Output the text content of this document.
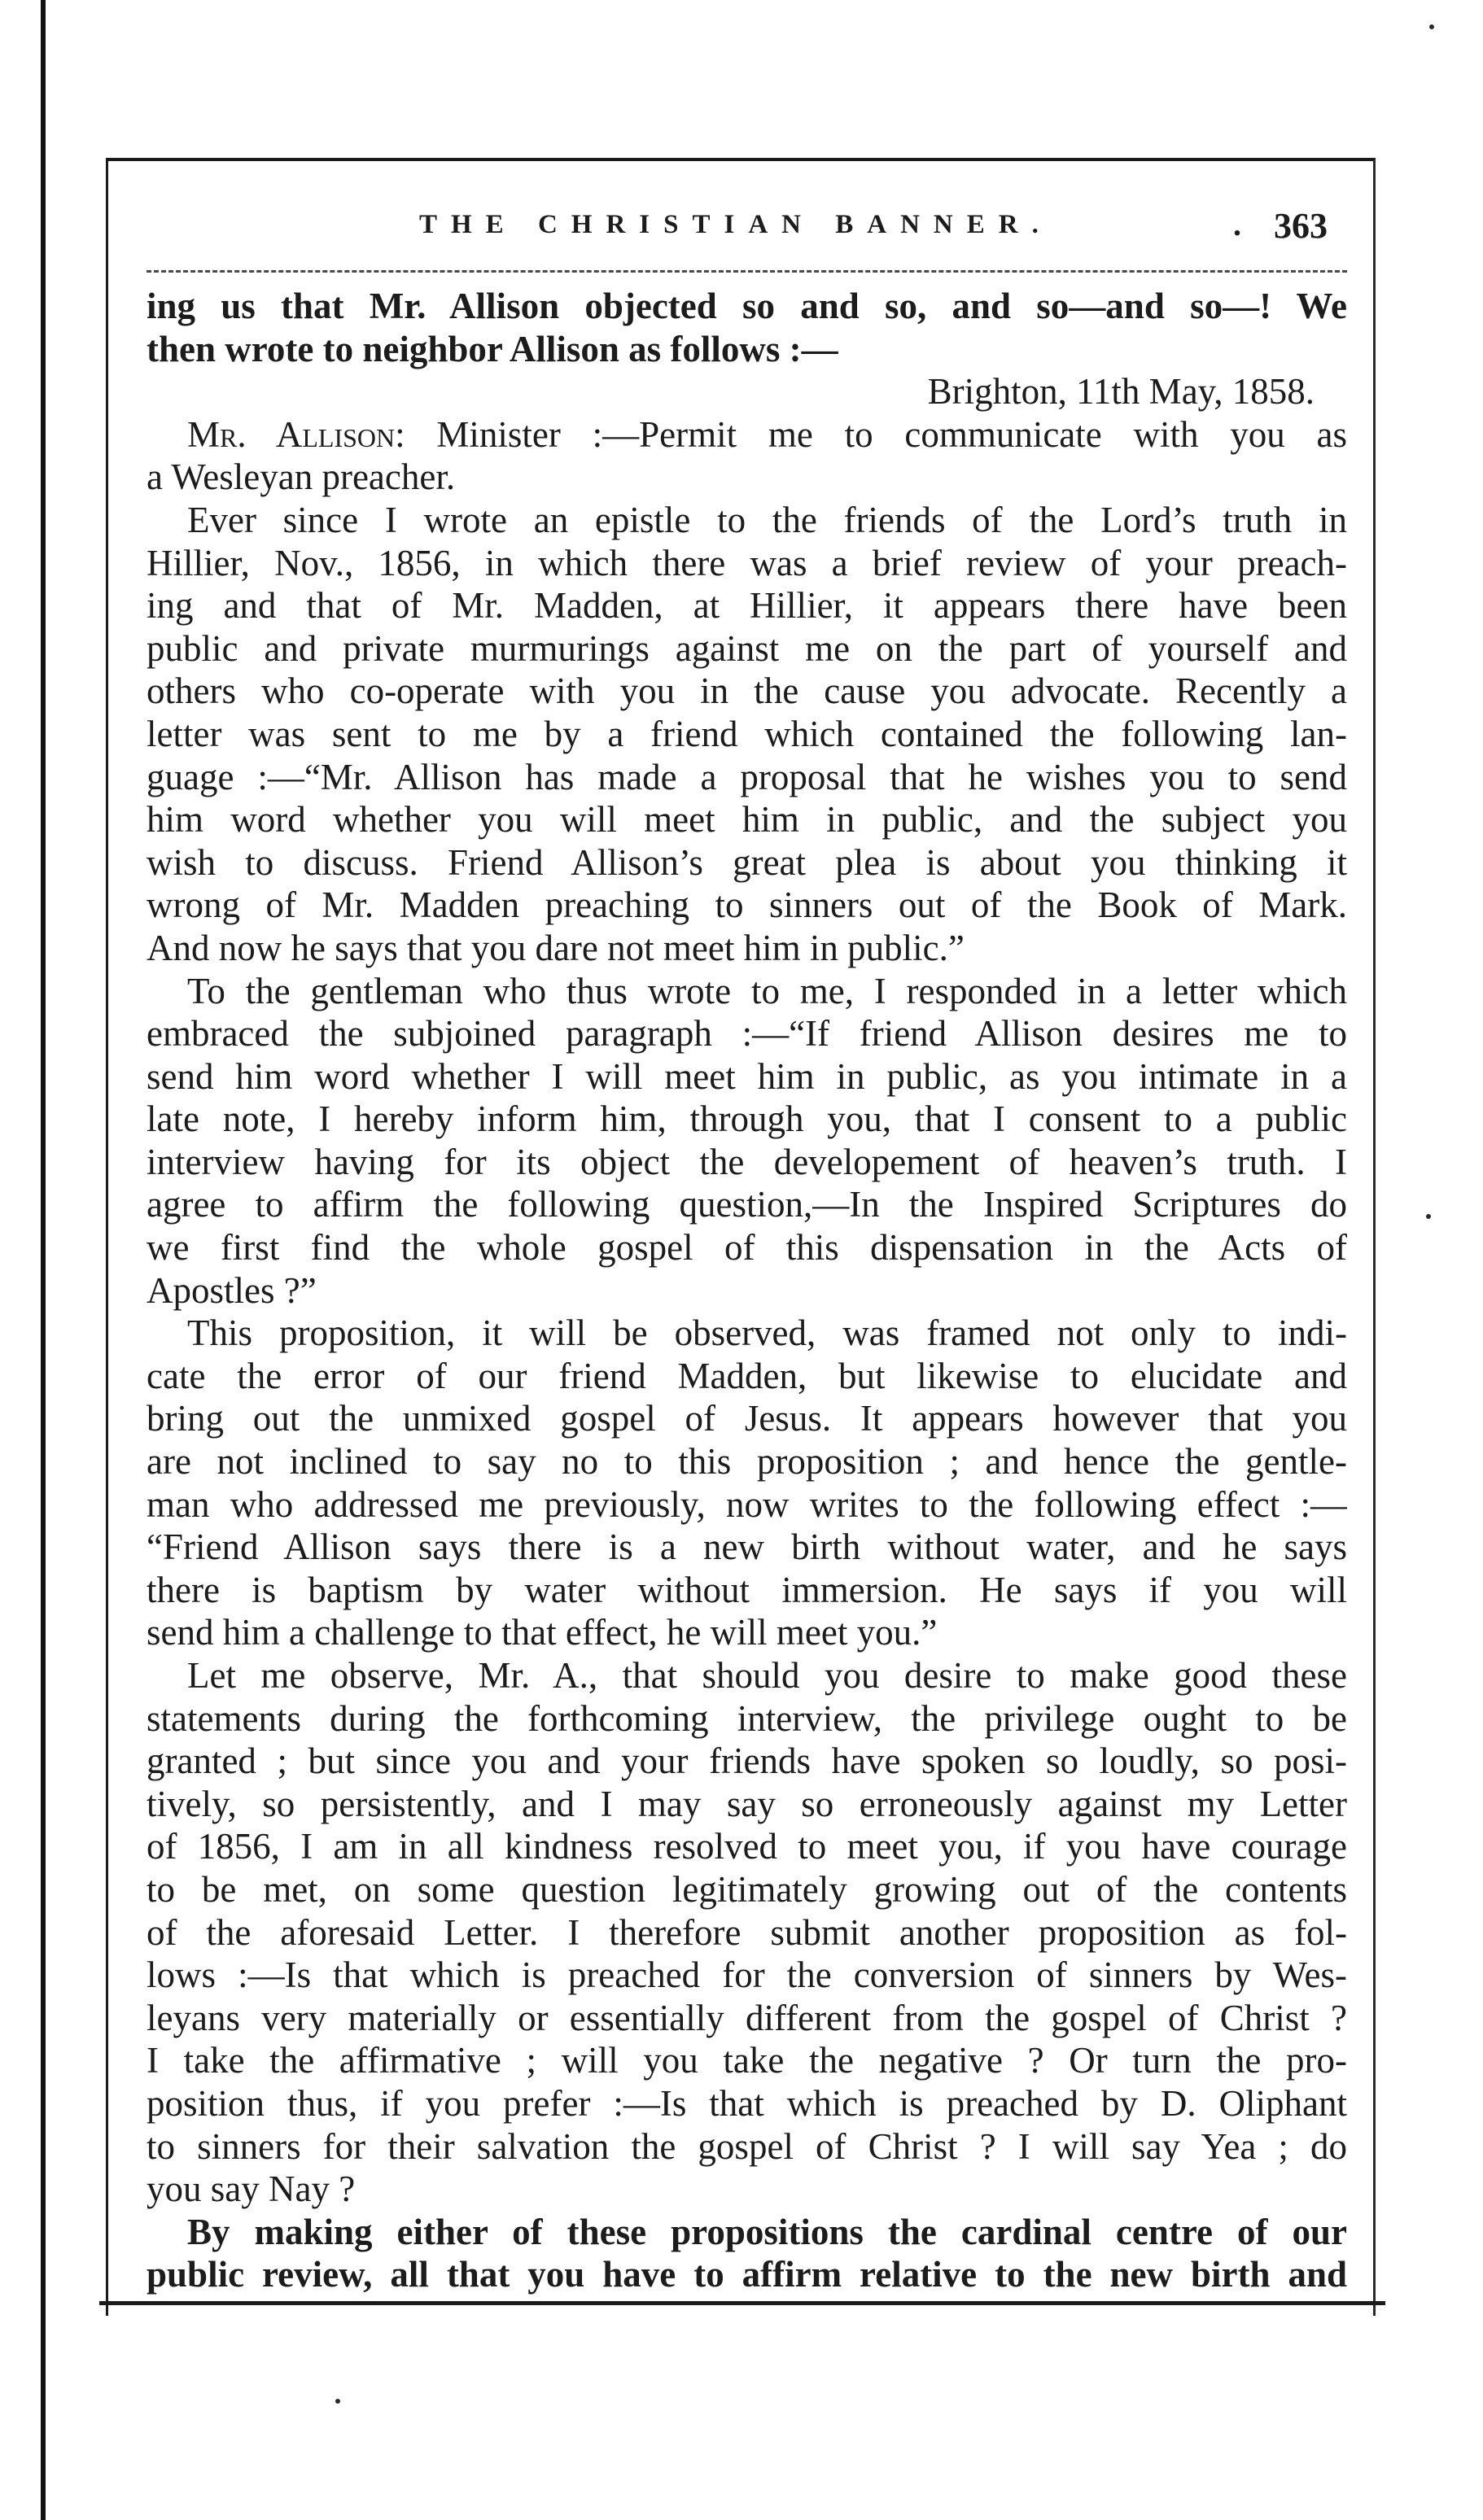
THE CHRISTIAN BANNER.	. 363
ing us that Mr. Allison objected so and so, and so—and so—! We
then wrote to neighbor Allison as follows :—
Brighton, 11th May, 1858.
Mr. Allison: Minister :—Permit me to communicate with you as
a Wesleyan preacher.
Ever since I wrote an epistle to the friends of the Lord’s truth in
Hillier, Nov., 1856, in which there was a brief review of your preach-
ing and that of Mr. Madden, at Hillier, it appears there have been
public and private murmurings against me on the part of yourself and
others who co-operate with you in the cause you advocate. Recently a
letter was sent to me by a friend which contained the following lan-
guage :—“Mr. Allison has made a proposal that he wishes you to send
him word whether you will meet him in public, and the subject you
wish to discuss. Friend Allison’s great plea is about you thinking it
wrong of Mr. Madden preaching to sinners out of the Book of Mark.
And now he says that you dare not meet him in public.”
To the gentleman who thus wrote to me, I responded in a letter which
embraced the subjoined paragraph :—“If friend Allison desires me to
send him word whether I will meet him in public, as you intimate in a
late note, I hereby inform him, through you, that I consent to a public
interview having for its object the developement of heaven’s truth. I
agree to affirm the following question,—In the Inspired Scriptures do
we first find the whole gospel of this dispensation in the Acts of
Apostles ?”
This proposition, it will be observed, was framed not only to indi-
cate the error of our friend Madden, but likewise to elucidate and
bring out the unmixed gospel of Jesus. It appears however that you
are not inclined to say no to this proposition ; and hence the gentle-
man who addressed me previously, now writes to the following effect :—
“Friend Allison says there is a new birth without water, and he says
there is baptism by water without immersion. He says if you will
send him a challenge to that effect, he will meet you.”
Let me observe, Mr. A., that should you desire to make good these
statements during the forthcoming interview, the privilege ought to be
granted ; but since you and your friends have spoken so loudly, so posi-
tively, so persistently, and I may say so erroneously against my Letter
of 1856, I am in all kindness resolved to meet you, if you have courage
to be met, on some question legitimately growing out of the contents
of the aforesaid Letter. I therefore submit another proposition as fol-
lows :—Is that which is preached for the conversion of sinners by Wes-
leyans very materially or essentially different from the gospel of Christ ?
I take the affirmative ; will you take the negative ? Or turn the pro-
position thus, if you prefer :—Is that which is preached by D. Oliphant
to sinners for their salvation the gospel of Christ ? I will say Yea ; do
you say Nay ?
By making either of these propositions the cardinal centre of our
public review, all that you have to affirm relative to the new birth and
